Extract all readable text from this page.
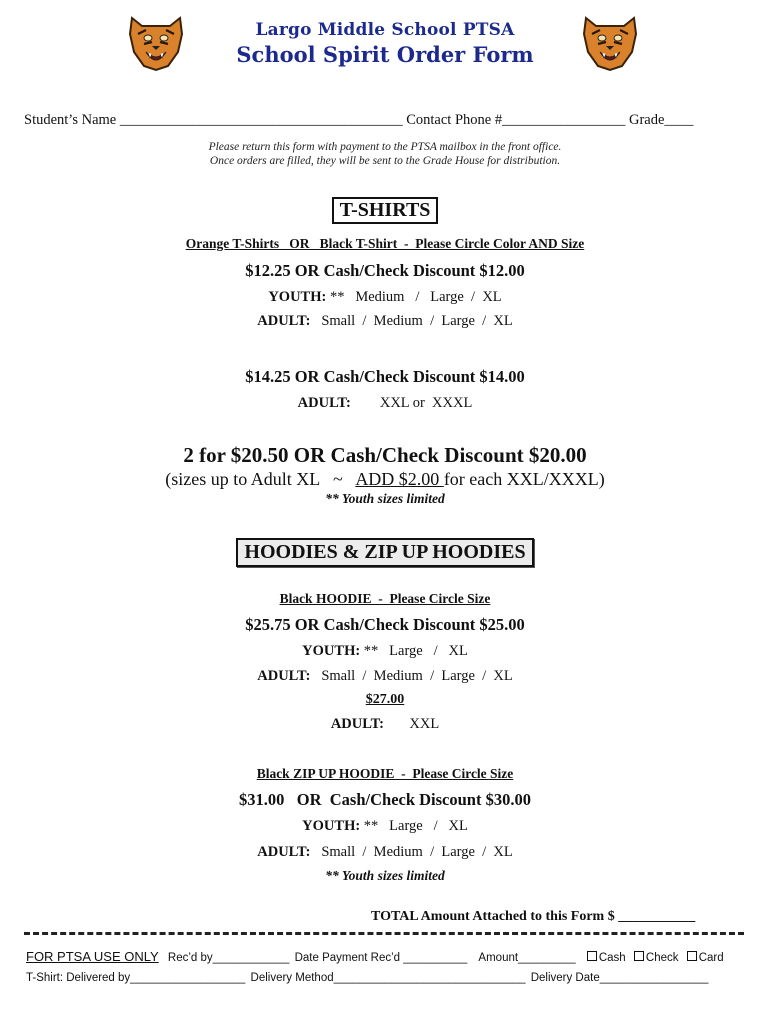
Largo Middle School PTSA
School Spirit Order Form
Student’s Name _______________________________________ Contact Phone #_________________ Grade____
Please return this form with payment to the PTSA mailbox in the front office.
Once orders are filled, they will be sent to the Grade House for distribution.
T-SHIRTS
Orange T-Shirts   OR   Black T-Shirt  -  Please Circle Color AND Size
$12.25 OR Cash/Check Discount $12.00
YOUTH: **   Medium   /   Large  /  XL
ADULT:   Small  /  Medium  /  Large  /  XL
$14.25 OR Cash/Check Discount $14.00
ADULT:        XXL or  XXXL
2 for $20.50 OR Cash/Check Discount $20.00
(sizes up to Adult XL   ~   ADD $2.00 for each XXL/XXXL)
** Youth sizes limited
HOODIES & ZIP UP HOODIES
Black HOODIE  -  Please Circle Size
$25.75 OR Cash/Check Discount $25.00
YOUTH: **   Large   /   XL
ADULT:   Small  /  Medium  /  Large  /  XL
$27.00
ADULT:       XXL
Black ZIP UP HOODIE  -  Please Circle Size
$31.00   OR  Cash/Check Discount $30.00
YOUTH: **   Large   /   XL
ADULT:   Small  /  Medium  /  Large  /  XL
** Youth sizes limited
TOTAL Amount Attached to this Form $ ___________
FOR PTSA USE ONLY Rec’d by____________ Date Payment Rec’d __________ Amount_________ Cash Check Card
T-Shirt: Delivered by__________________ Delivery Method______________________________ Delivery Date_________________
